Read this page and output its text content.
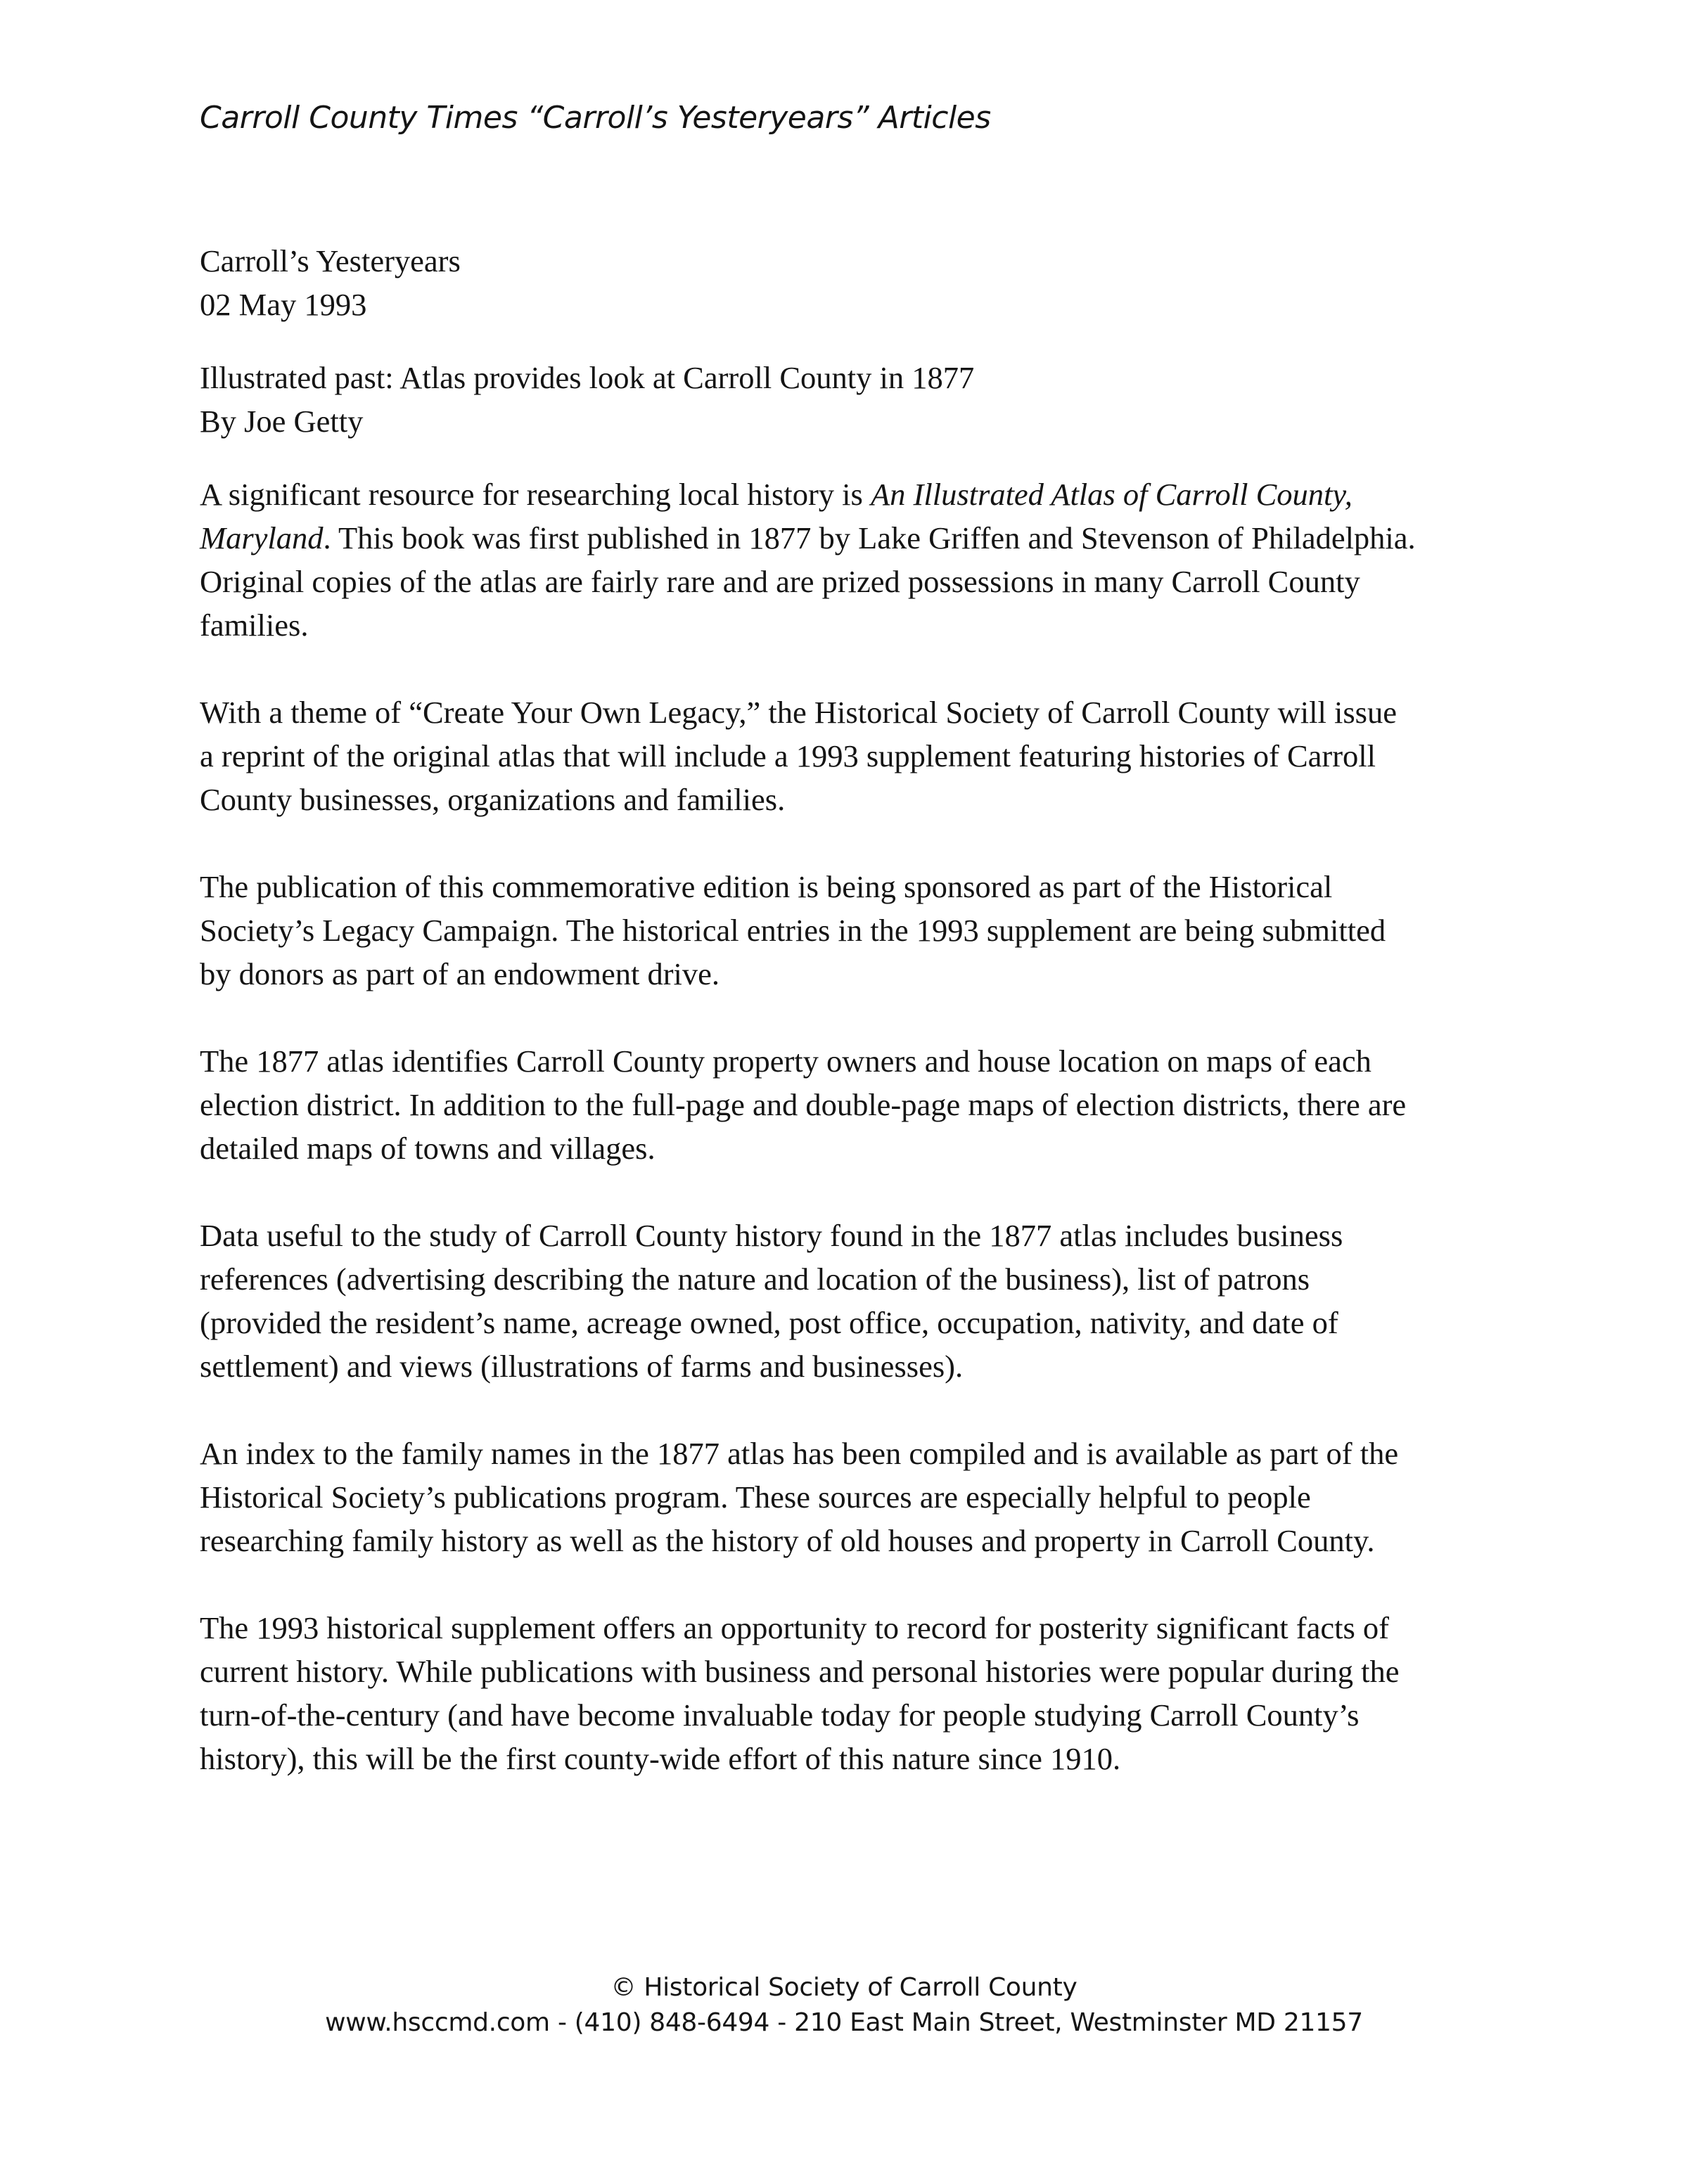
Carroll County Times “Carroll’s Yesteryears” Articles
Carroll’s Yesteryears
02 May 1993
Illustrated past: Atlas provides look at Carroll County in 1877
By Joe Getty
A significant resource for researching local history is An Illustrated Atlas of Carroll County,
Maryland. This book was first published in 1877 by Lake Griffen and Stevenson of Philadelphia.
Original copies of the atlas are fairly rare and are prized possessions in many Carroll County
families.
With a theme of “Create Your Own Legacy,” the Historical Society of Carroll County will issue
a reprint of the original atlas that will include a 1993 supplement featuring histories of Carroll
County businesses, organizations and families.
The publication of this commemorative edition is being sponsored as part of the Historical
Society’s Legacy Campaign. The historical entries in the 1993 supplement are being submitted
by donors as part of an endowment drive.
The 1877 atlas identifies Carroll County property owners and house location on maps of each
election district. In addition to the full-page and double-page maps of election districts, there are
detailed maps of towns and villages.
Data useful to the study of Carroll County history found in the 1877 atlas includes business
references (advertising describing the nature and location of the business), list of patrons
(provided the resident’s name, acreage owned, post office, occupation, nativity, and date of
settlement) and views (illustrations of farms and businesses).
An index to the family names in the 1877 atlas has been compiled and is available as part of the
Historical Society’s publications program. These sources are especially helpful to people
researching family history as well as the history of old houses and property in Carroll County.
The 1993 historical supplement offers an opportunity to record for posterity significant facts of
current history. While publications with business and personal histories were popular during the
turn-of-the-century (and have become invaluable today for people studying Carroll County’s
history), this will be the first county-wide effort of this nature since 1910.
© Historical Society of Carroll County
www.hsccmd.com - (410) 848-6494 - 210 East Main Street, Westminster MD 21157
